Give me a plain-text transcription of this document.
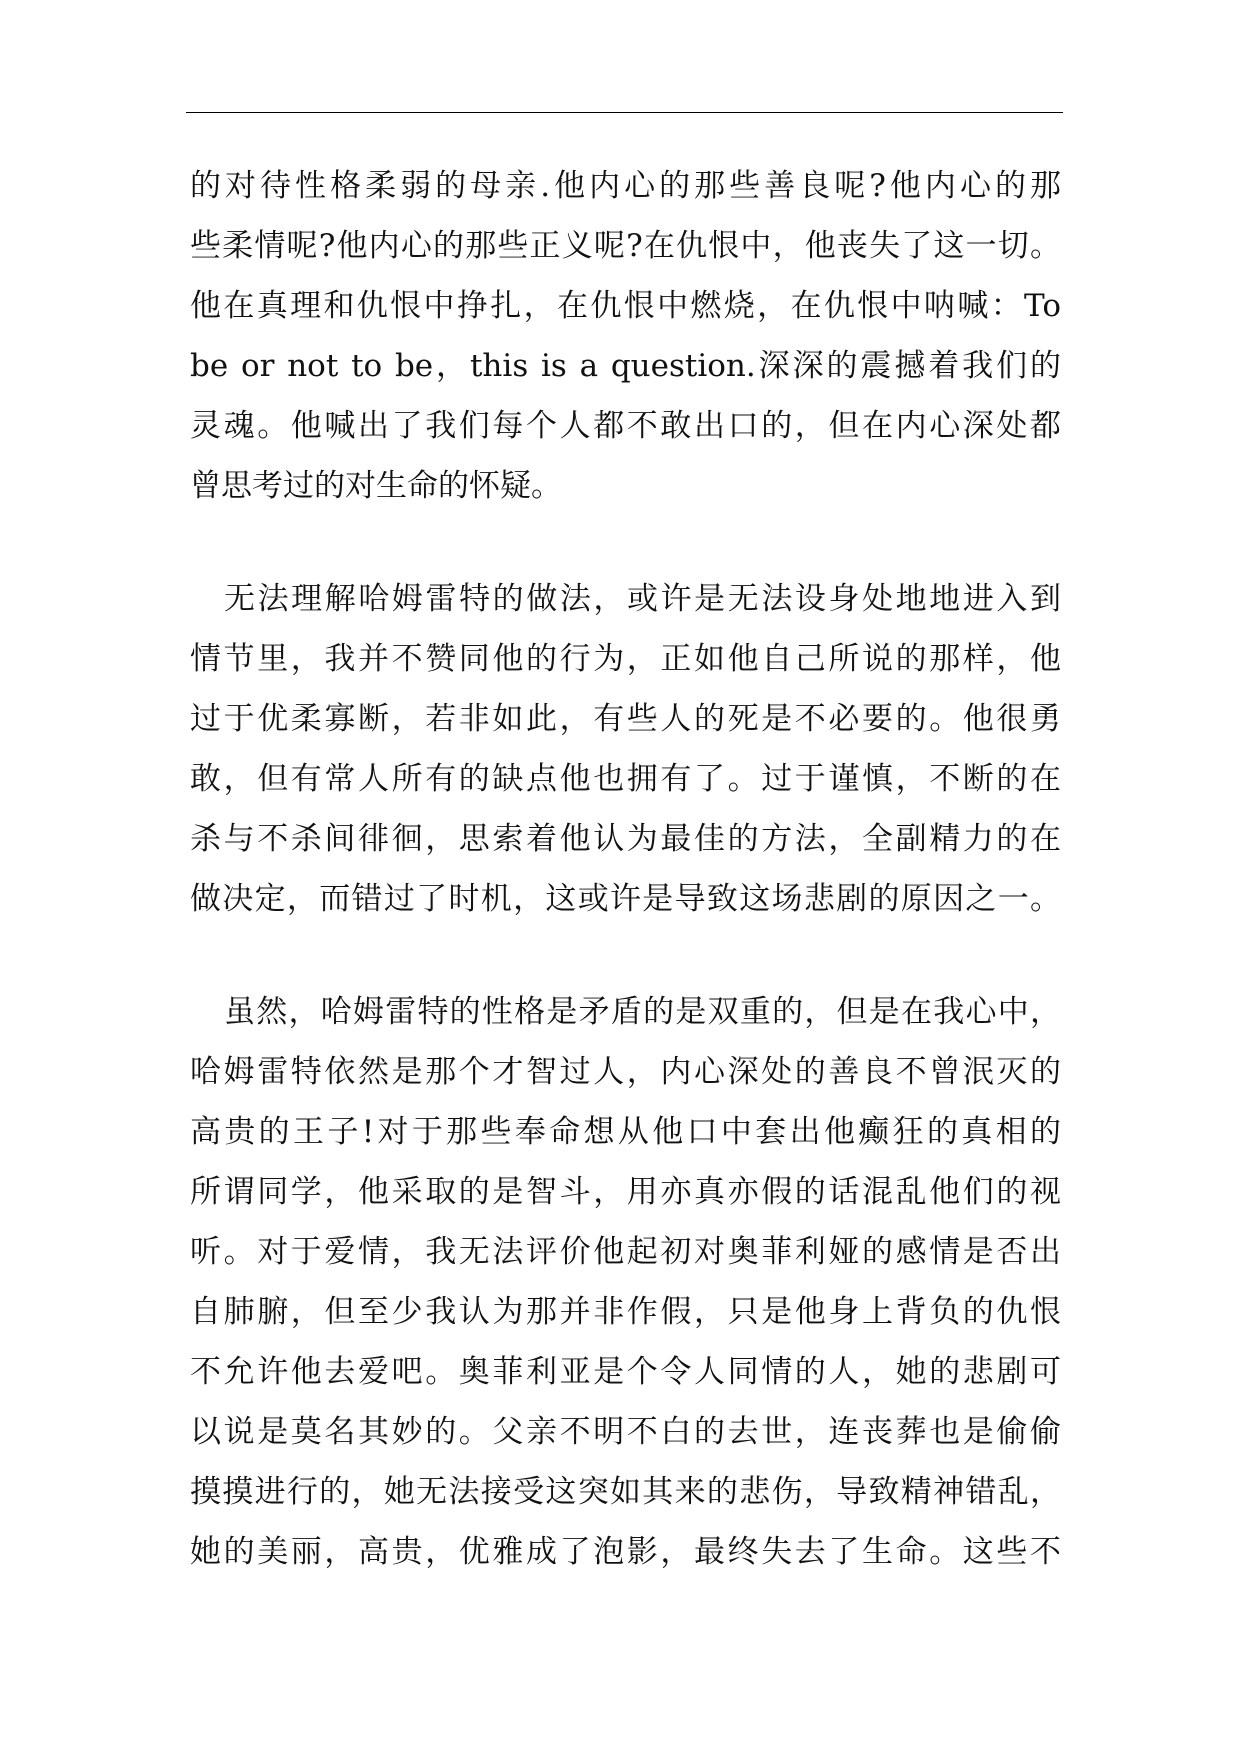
的对待性格柔弱的母亲.他内心的那些善良呢?他内心的那
些柔情呢?他内心的那些正义呢?在仇恨中，他丧失了这一切。
他在真理和仇恨中挣扎，在仇恨中燃烧，在仇恨中呐喊：To
be or not to be，this is a question.深深的震撼着我们的
灵魂。他喊出了我们每个人都不敢出口的，但在内心深处都
曾思考过的对生命的怀疑。
无法理解哈姆雷特的做法，或许是无法设身处地地进入到
情节里，我并不赞同他的行为，正如他自己所说的那样，他
过于优柔寡断，若非如此，有些人的死是不必要的。他很勇
敢，但有常人所有的缺点他也拥有了。过于谨慎，不断的在
杀与不杀间徘徊，思索着他认为最佳的方法，全副精力的在
做决定，而错过了时机，这或许是导致这场悲剧的原因之一。
虽然，哈姆雷特的性格是矛盾的是双重的，但是在我心中，
哈姆雷特依然是那个才智过人，内心深处的善良不曾泯灭的
高贵的王子!对于那些奉命想从他口中套出他癫狂的真相的
所谓同学，他采取的是智斗，用亦真亦假的话混乱他们的视
听。对于爱情，我无法评价他起初对奥菲利娅的感情是否出
自肺腑，但至少我认为那并非作假，只是他身上背负的仇恨
不允许他去爱吧。奥菲利亚是个令人同情的人，她的悲剧可
以说是莫名其妙的。父亲不明不白的去世，连丧葬也是偷偷
摸摸进行的，她无法接受这突如其来的悲伤，导致精神错乱，
她的美丽，高贵，优雅成了泡影，最终失去了生命。这些不
